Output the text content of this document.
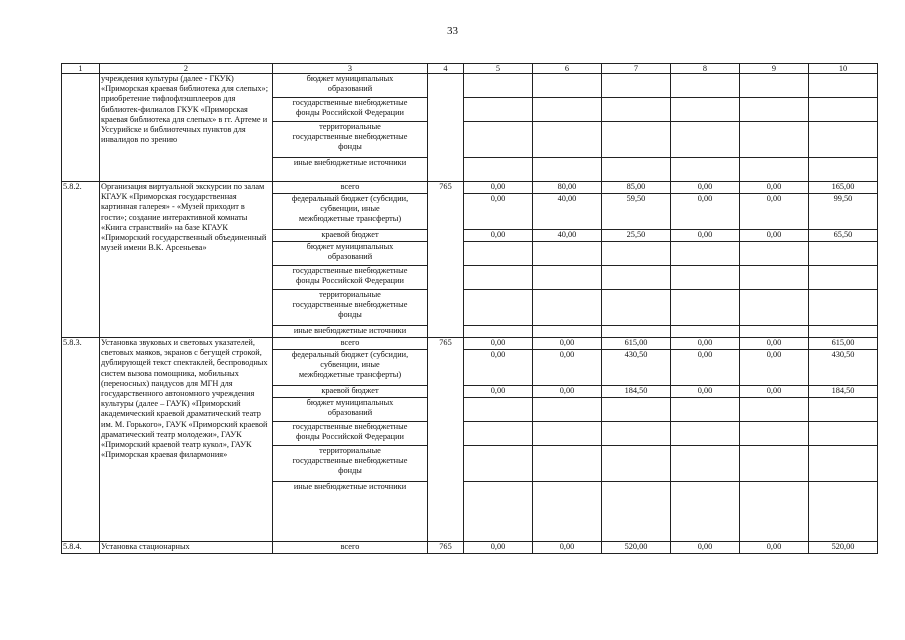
33
1	2	3	4	5	6	7	8	9	10
	учреждения культуры (далее - ГКУК) «Приморская краевая библиотека для слепых»; приобретение тифлофлэшплееров для библиотек-филиалов ГКУК «Приморская краевая библиотека для слепых» в гг. Артеме и Уссурийске и библиотечных пунктов для инвалидов по зрению	бюджет муниципальных
образований							
		государственные внебюджетные
фонды Российской Федерации							
		территориальные
государственные внебюджетные
фонды							
		иные внебюджетные источники							
5.8.2.	Организация виртуальной экскурсии по залам КГАУК «Приморская государственная картинная галерея» - «Музей приходит в гости»; создание интерактивной комнаты «Книга странствий» на базе КГАУК «Приморский государственный объединенный музей имени В.К. Арсеньева»	всего	765	0,00	80,00	85,00	0,00	0,00	165,00
		федеральный бюджет (субсидии,
субвенции, иные
межбюджетные трансферты)		0,00	40,00	59,50	0,00	0,00	99,50
		краевой бюджет		0,00	40,00	25,50	0,00	0,00	65,50
		бюджет муниципальных
образований							
		государственные внебюджетные
фонды Российской Федерации							
		территориальные
государственные внебюджетные
фонды							
		иные внебюджетные источники							
5.8.3.	Установка звуковых и световых указателей, световых маяков, экранов с бегущей строкой, дублирующей текст спектаклей, беспроводных систем вызова помощника, мобильных (переносных) пандусов для МГН для государственного автономного учреждения культуры (далее – ГАУК) «Приморский академический краевой драматический театр им. М. Горького», ГАУК «Приморский краевой драматический театр молодежи», ГАУК «Приморский краевой театр кукол», ГАУК «Приморская краевая филармония»	всего	765	0,00	0,00	615,00	0,00	0,00	615,00
		федеральный бюджет (субсидии,
субвенции, иные
межбюджетные трансферты)		0,00	0,00	430,50	0,00	0,00	430,50
		краевой бюджет		0,00	0,00	184,50	0,00	0,00	184,50
		бюджет муниципальных
образований							
		государственные внебюджетные
фонды Российской Федерации							
		территориальные
государственные внебюджетные
фонды							
		иные внебюджетные источники							
5.8.4.	Установка стационарных	всего	765	0,00	0,00	520,00	0,00	0,00	520,00
